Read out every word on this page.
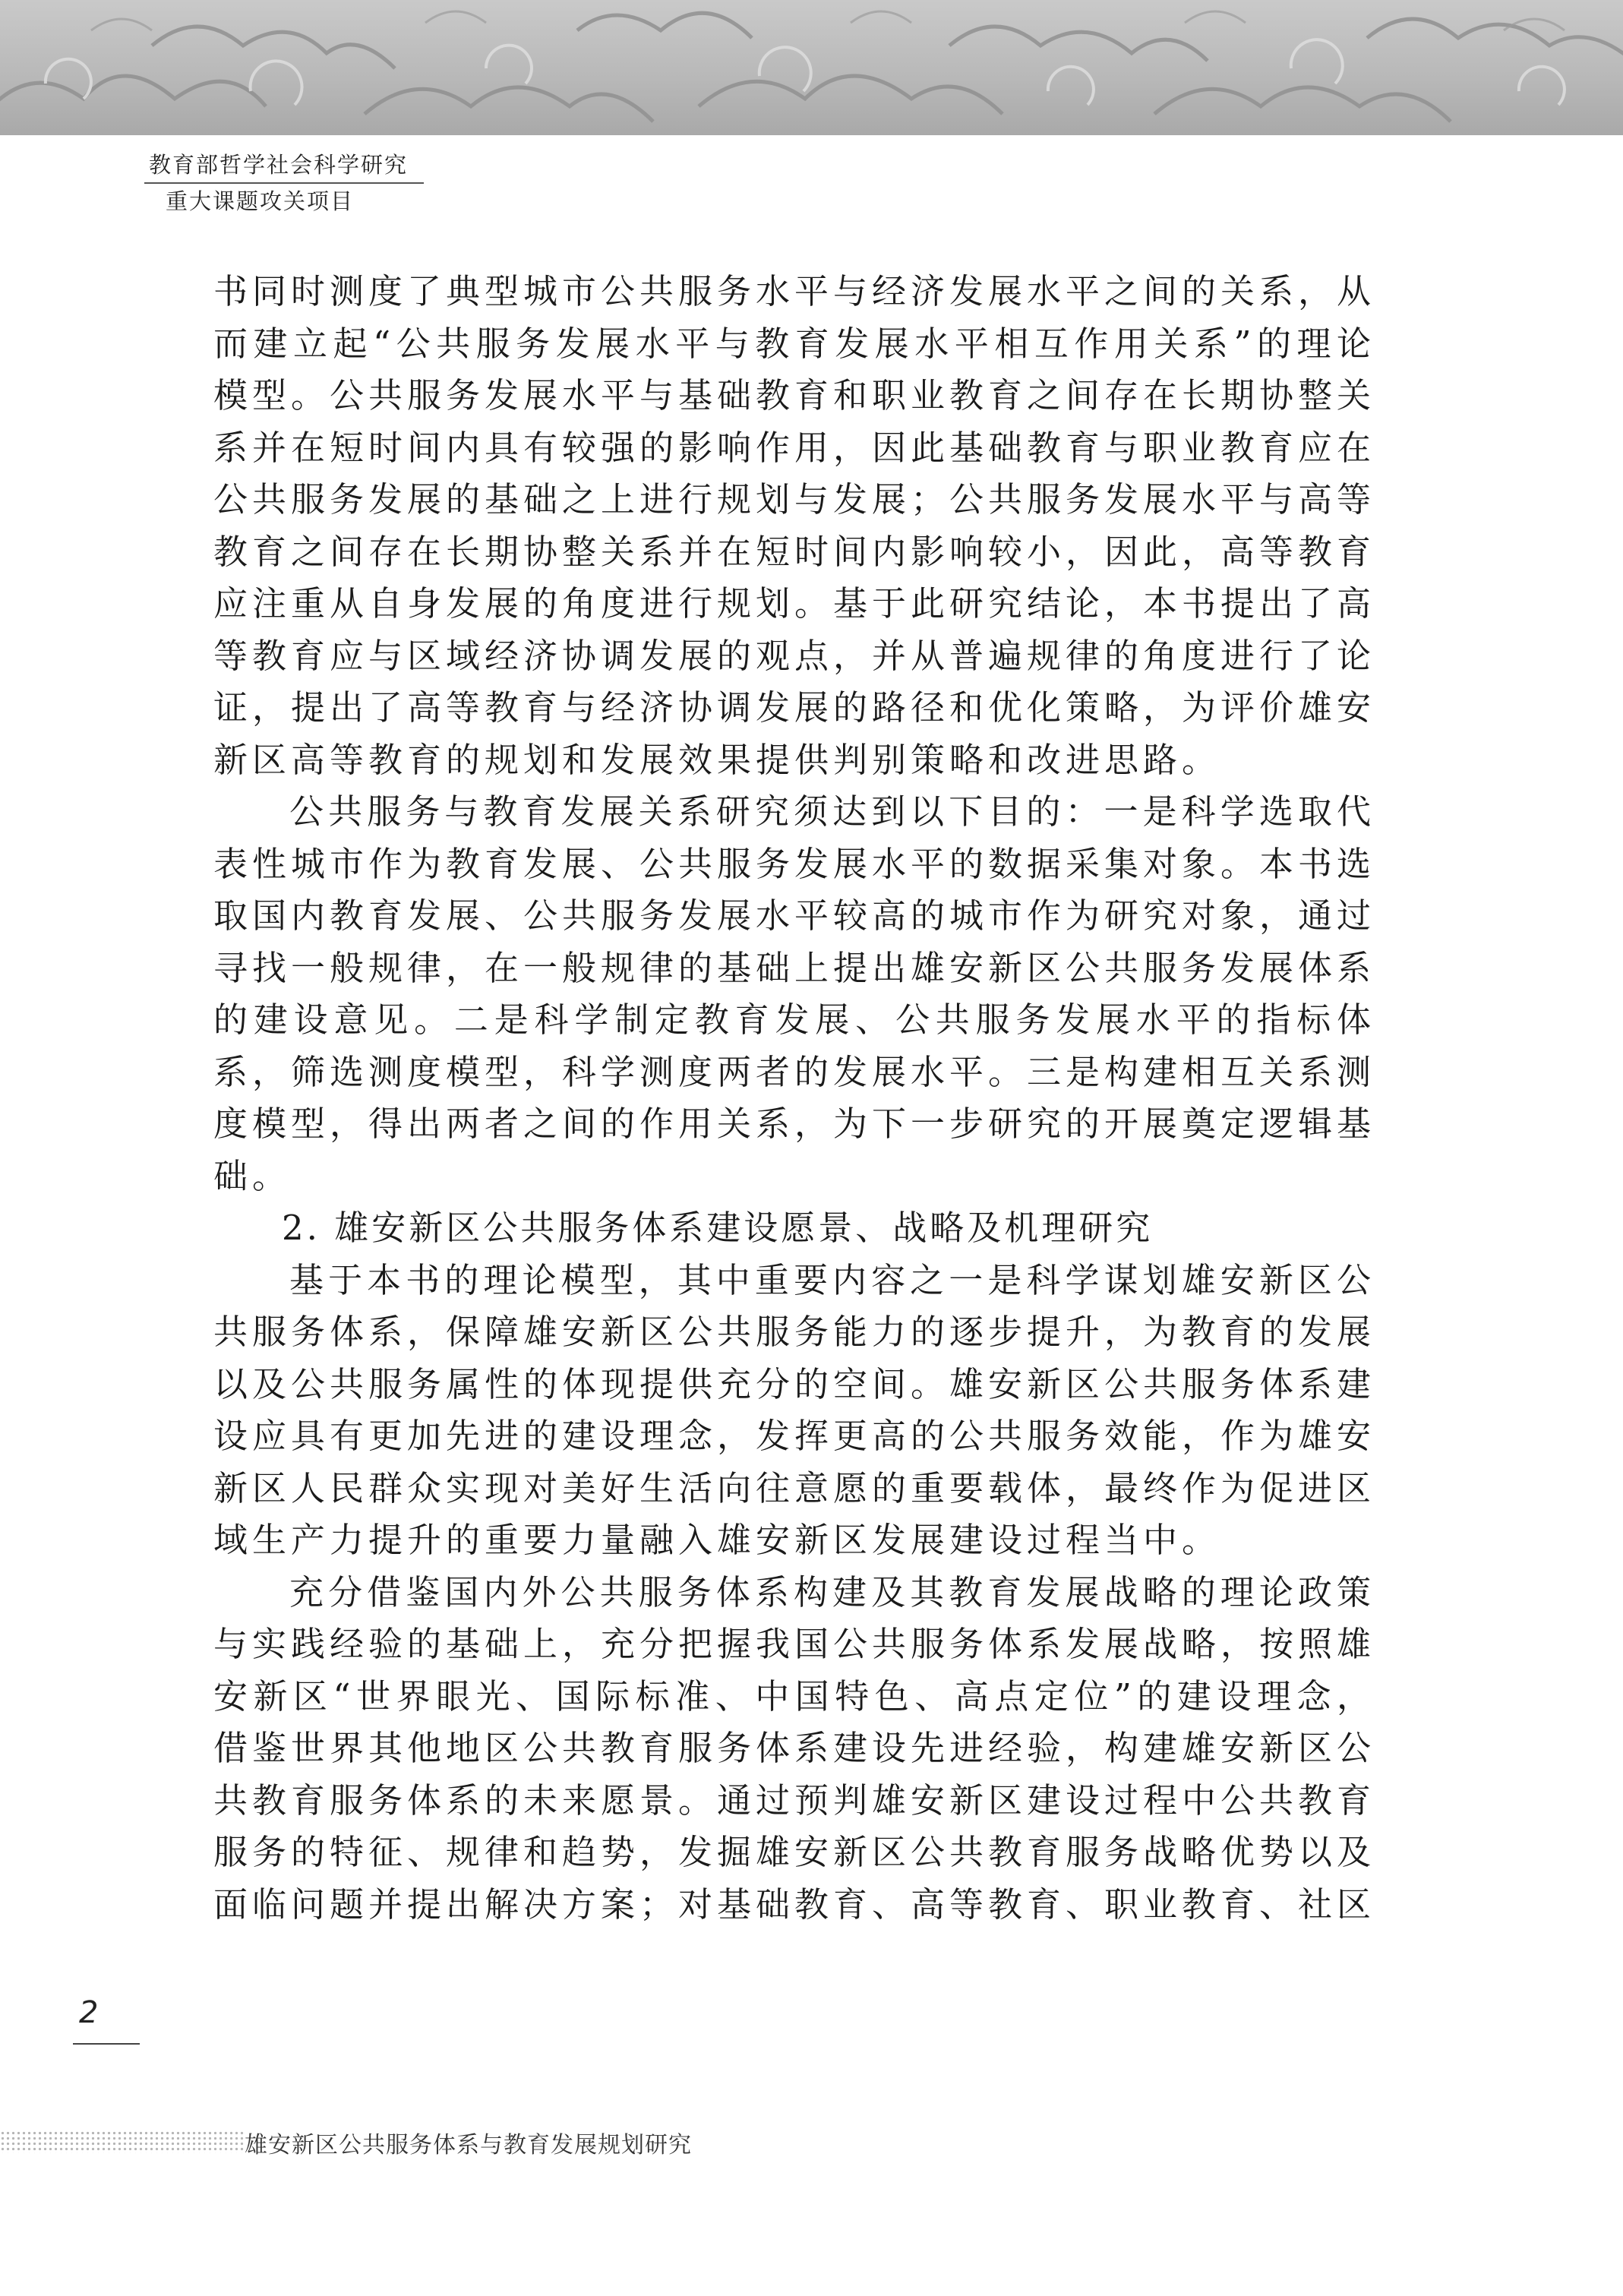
教育部哲学社会科学研究
重大课题攻关项目

书同时测度了典型城市公共服务水平与经济发展水平之间的关系，从而建立起“公共服务发展水平与教育发展水平相互作用关系”的理论模型。公共服务发展水平与基础教育和职业教育之间存在长期协整关系并在短时间内具有较强的影响作用，因此基础教育与职业教育应在公共服务发展的基础之上进行规划与发展；公共服务发展水平与高等教育之间存在长期协整关系并在短时间内影响较小，因此，高等教育应注重从自身发展的角度进行规划。基于此研究结论，本书提出了高等教育应与区域经济协调发展的观点，并从普遍规律的角度进行了论证，提出了高等教育与经济协调发展的路径和优化策略，为评价雄安新区高等教育的规划和发展效果提供判别策略和改进思路。

公共服务与教育发展关系研究须达到以下目的：一是科学选取代表性城市作为教育发展、公共服务发展水平的数据采集对象。本书选取国内教育发展、公共服务发展水平较高的城市作为研究对象，通过寻找一般规律，在一般规律的基础上提出雄安新区公共服务发展体系的建设意见。二是科学制定教育发展、公共服务发展水平的指标体系，筛选测度模型，科学测度两者的发展水平。三是构建相互关系测度模型，得出两者之间的作用关系，为下一步研究的开展奠定逻辑基础。

2. 雄安新区公共服务体系建设愿景、战略及机理研究

基于本书的理论模型，其中重要内容之一是科学谋划雄安新区公共服务体系，保障雄安新区公共服务能力的逐步提升，为教育的发展以及公共服务属性的体现提供充分的空间。雄安新区公共服务体系建设应具有更加先进的建设理念，发挥更高的公共服务效能，作为雄安新区人民群众实现对美好生活向往意愿的重要载体，最终作为促进区域生产力提升的重要力量融入雄安新区发展建设过程当中。

充分借鉴国内外公共服务体系构建及其教育发展战略的理论政策与实践经验的基础上，充分把握我国公共服务体系发展战略，按照雄安新区“世界眼光、国际标准、中国特色、高点定位”的建设理念，借鉴世界其他地区公共教育服务体系建设先进经验，构建雄安新区公共教育服务体系的未来愿景。通过预判雄安新区建设过程中公共教育服务的特征、规律和趋势，发掘雄安新区公共教育服务战略优势以及面临问题并提出解决方案；对基础教育、高等教育、职业教育、社区

2
雄安新区公共服务体系与教育发展规划研究
